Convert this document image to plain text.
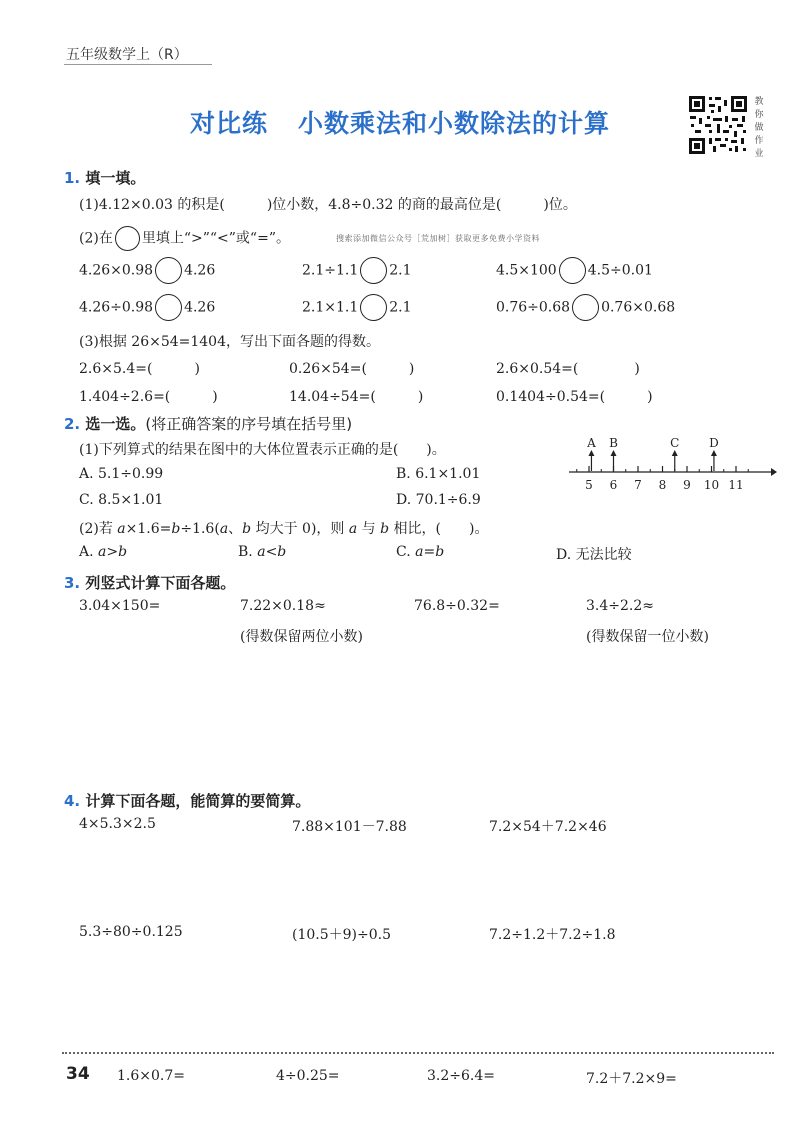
五年级数学上（R）
对比练 小数乘法和小数除法的计算
教你做作业
1. 填一填。
(1)4.12×0.03 的积是(　　　)位小数，4.8÷0.32 的商的最高位是(　　　)位。
(2)在 里填上“>”“<”或“=”。	搜索添加微信公众号［荒加树］获取更多免费小学资料
4.26×0.98 4.26	2.1÷1.1 2.1	4.5×100 4.5÷0.01
4.26÷0.98 4.26	2.1×1.1 2.1	0.76÷0.68 0.76×0.68
(3)根据 26×54=1404，写出下面各题的得数。
2.6×5.4=(　　　)	0.26×54=(　　　)	2.6×0.54=(　　　　)
1.404÷2.6=(　　　)	14.04÷54=(　　　)	0.1404÷0.54=(　　　)
2. 选一选。(将正确答案的序号填在括号里)
(1)下列算式的结果在图中的大体位置表示正确的是(　　)。
A. 5.1÷0.99	B. 6.1×1.01
C. 8.5×1.01	D. 70.1÷6.9
5 6 7 8 9 10 11
A B	C D
(2)若 a×1.6=b÷1.6(a、b 均大于 0)，则 a 与 b 相比，(　　)。
A. a>b	B. a<b	C. a=b	D. 无法比较
3. 列竖式计算下面各题。
3.04×150=	7.22×0.18≈	76.8÷0.32=	3.4÷2.2≈
(得数保留两位小数)	(得数保留一位小数)
4. 计算下面各题，能简算的要简算。
4×5.3×2.5	7.88×101－7.88	7.2×54＋7.2×46
5.3÷80÷0.125	(10.5＋9)÷0.5	7.2÷1.2＋7.2÷1.8
34 1.6×0.7=	4÷0.25=	3.2÷6.4=	7.2＋7.2×9=
